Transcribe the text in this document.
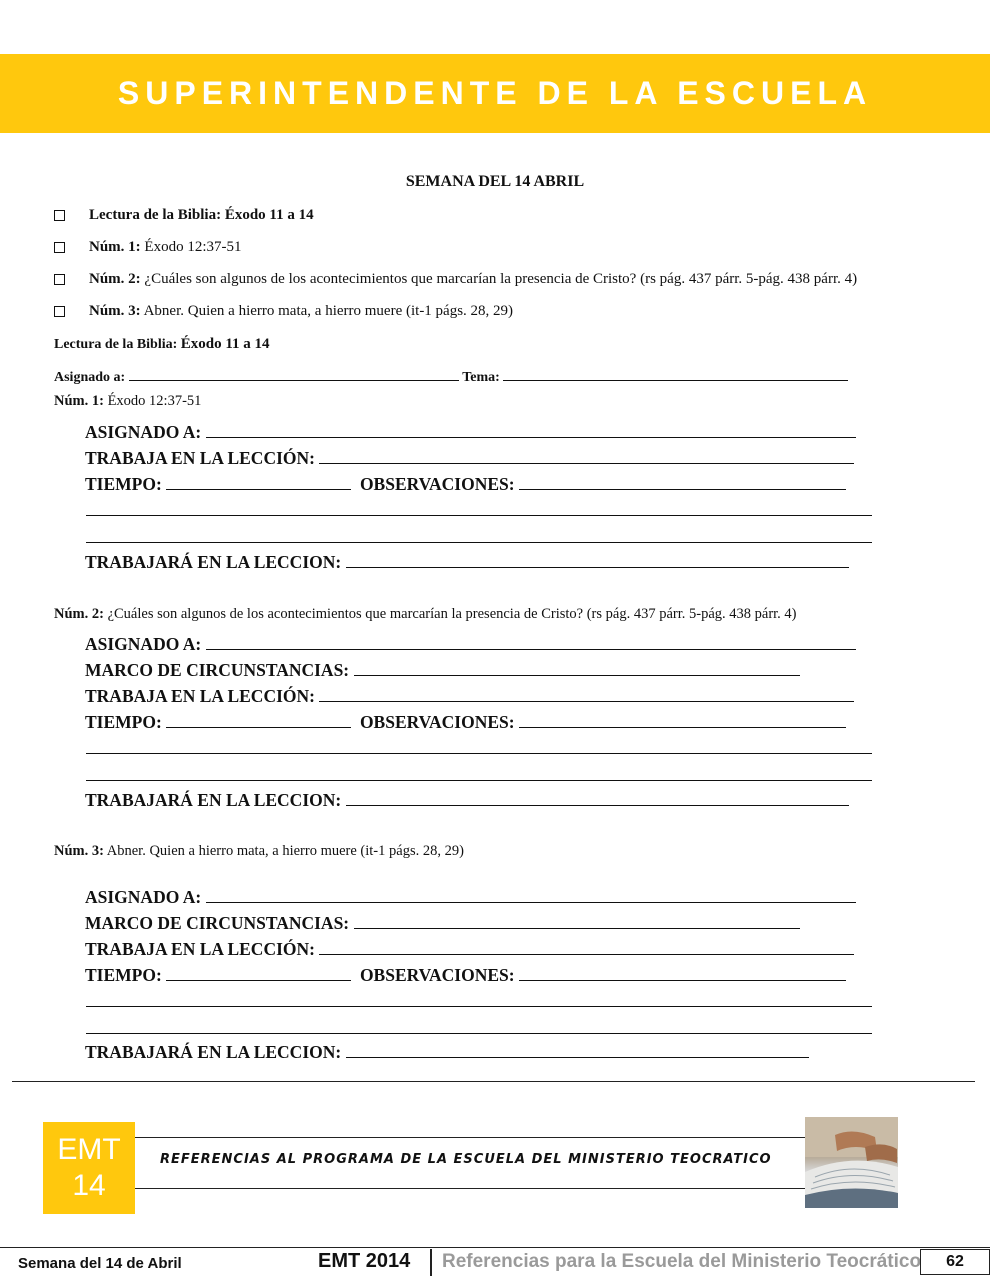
SUPERINTENDENTE DE LA ESCUELA
SEMANA DEL 14 ABRIL
Lectura de la Biblia: Éxodo 11 a 14
Núm. 1: Éxodo 12:37-51
Núm. 2: ¿Cuáles son algunos de los acontecimientos que marcarían la presencia de Cristo? (rs pág. 437 párr. 5-pág. 438 párr. 4)
Núm. 3: Abner. Quien a hierro mata, a hierro muere (it-1 págs. 28, 29)
Lectura de la Biblia: Éxodo 11 a 14
Asignado a:	Tema:
Núm. 1: Éxodo 12:37-51
ASIGNADO A:
TRABAJA EN LA LECCIÓN:
TIEMPO:	OBSERVACIONES:
TRABAJARÁ EN LA LECCION:
Núm. 2: ¿Cuáles son algunos de los acontecimientos que marcarían la presencia de Cristo? (rs pág. 437 párr. 5-pág. 438 párr. 4)
ASIGNADO A:
MARCO DE CIRCUNSTANCIAS:
TRABAJA EN LA LECCIÓN:
TIEMPO:	OBSERVACIONES:
TRABAJARÁ EN LA LECCION:
Núm. 3: Abner. Quien a hierro mata, a hierro muere (it-1 págs. 28, 29)
ASIGNADO A:
MARCO DE CIRCUNSTANCIAS:
TRABAJA EN LA LECCIÓN:
TIEMPO:	OBSERVACIONES:
TRABAJARÁ EN LA LECCION:
EMT
14
REFERENCIAS AL PROGRAMA DE LA ESCUELA DEL MINISTERIO TEOCRATICO
Semana del 14 de Abril	EMT 2014 Referencias para la Escuela del Ministerio Teocrático 62
